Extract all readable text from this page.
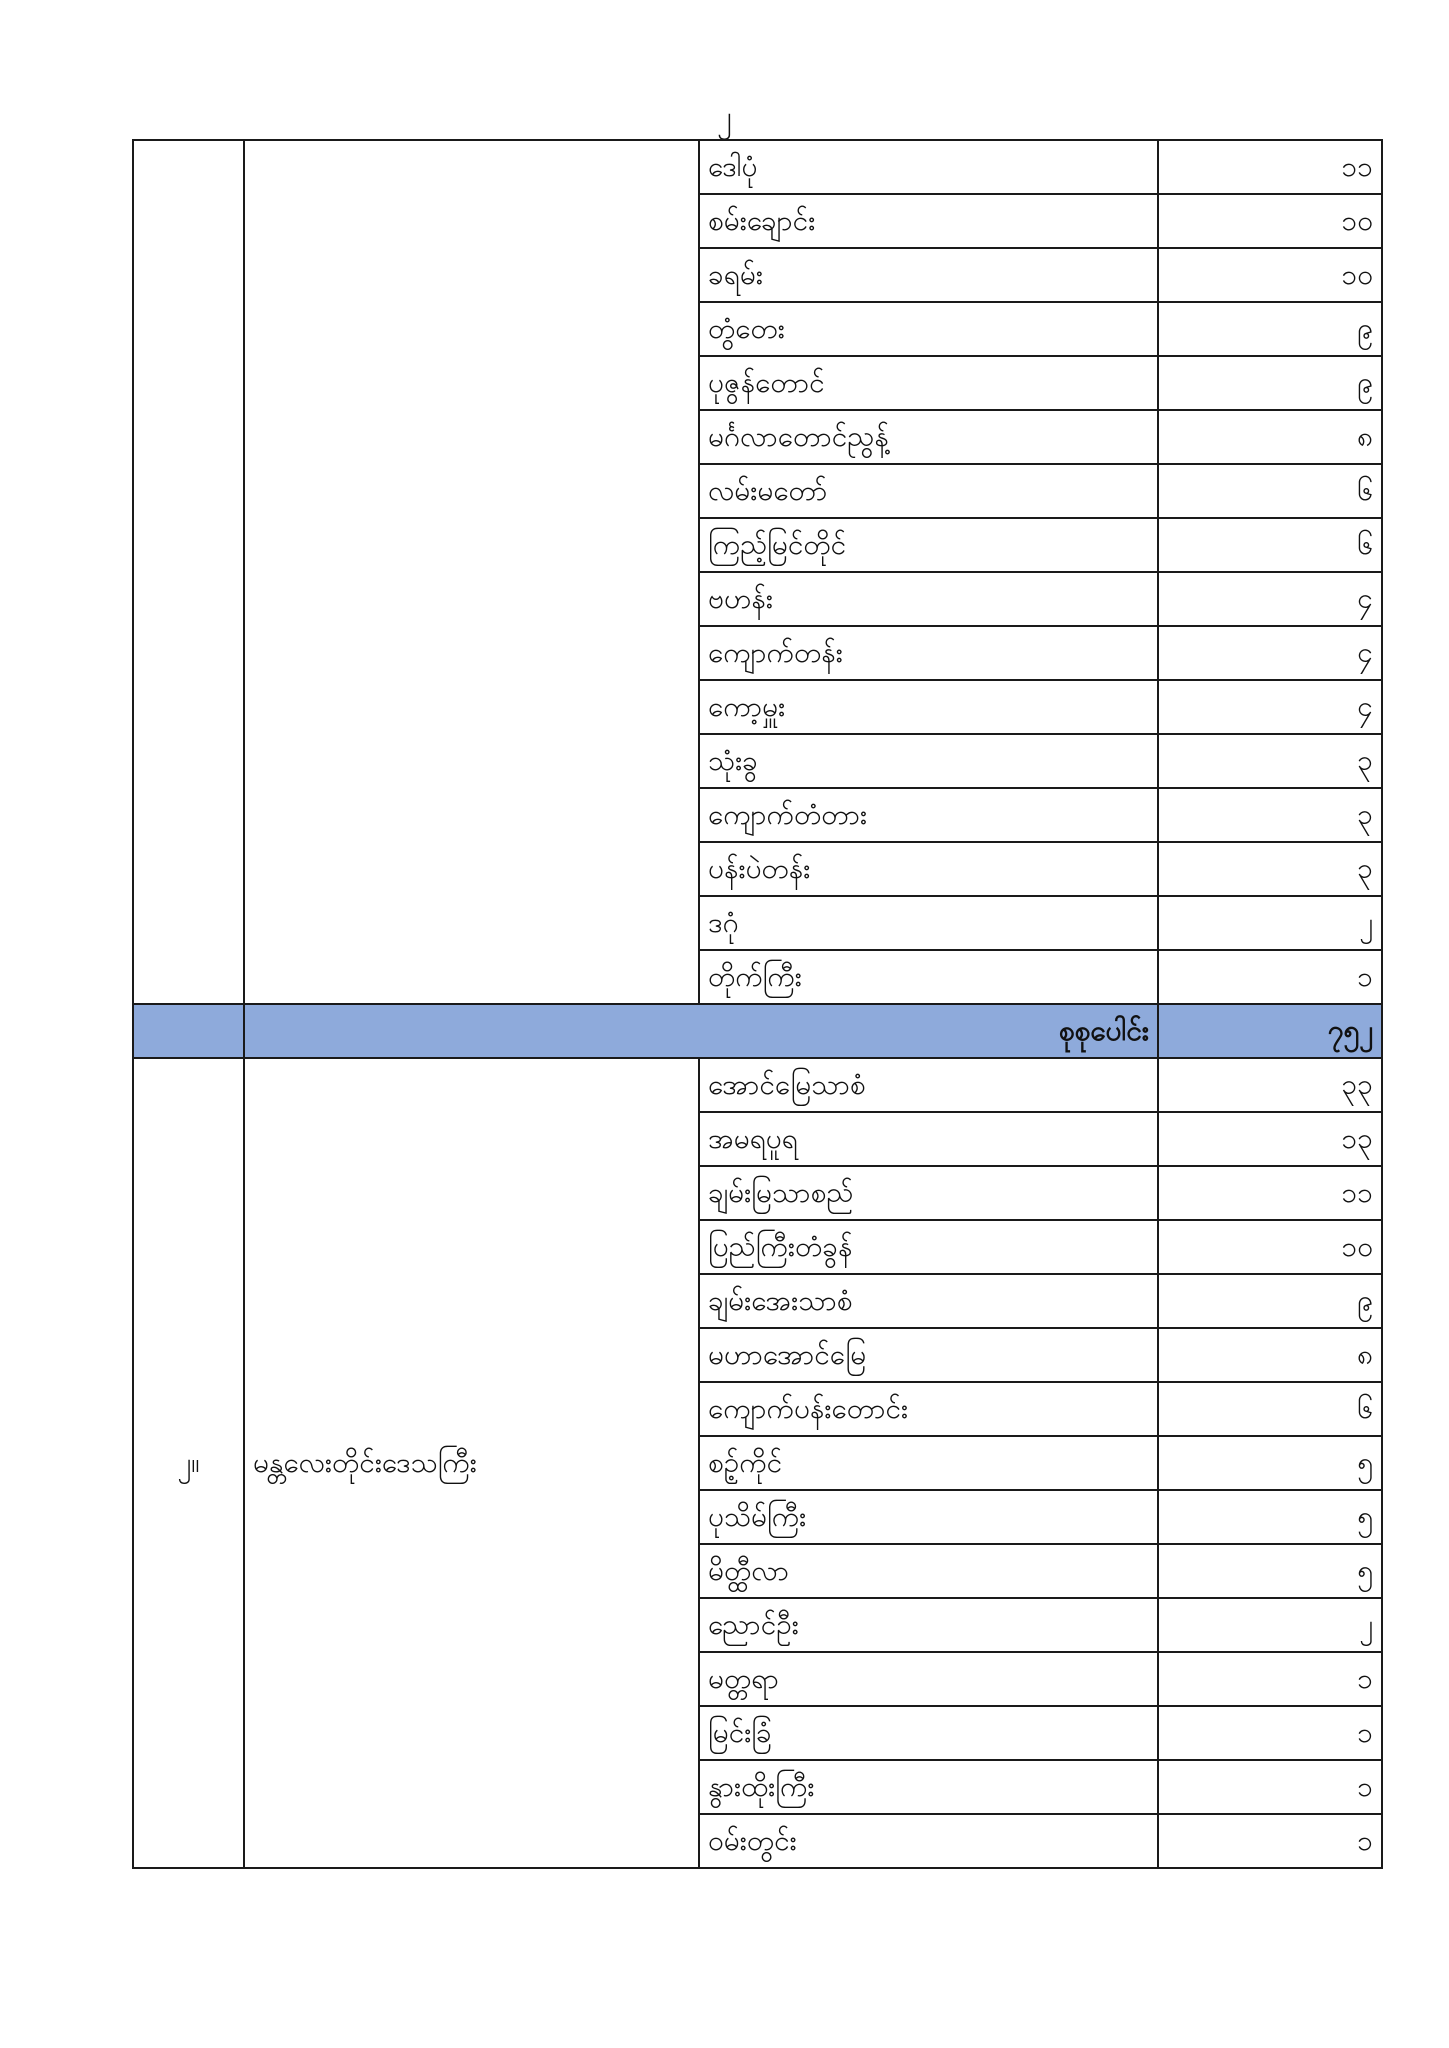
၂
		ဒေါပုံ	၁၁
		စမ်းချောင်း	၁၀
		ခရမ်း	၁၀
		တွံတေး	၉
		ပုဇွန်တောင်	၉
		မင်္ဂလာတောင်ညွန့်	၈
		လမ်းမတော်	၆
		ကြည့်မြင်တိုင်	၆
		ဗဟန်း	၄
		ကျောက်တန်း	၄
		ကော့မှူး	၄
		သုံးခွ	၃
		ကျောက်တံတား	၃
		ပန်းပဲတန်း	၃
		ဒဂုံ	၂
		တိုက်ကြီး	၁
	စုစုပေါင်း		၇၅၂
၂။	မန္တလေးတိုင်းဒေသကြီး	အောင်မြေသာစံ	၃၃
		အမရပူရ	၁၃
		ချမ်းမြသာစည်	၁၁
		ပြည်ကြီးတံခွန်	၁၀
		ချမ်းအေးသာစံ	၉
		မဟာအောင်မြေ	၈
		ကျောက်ပန်းတောင်း	၆
		စဉ့်ကိုင်	၅
		ပုသိမ်ကြီး	၅
		မိတ္ထီလာ	၅
		ညောင်ဦး	၂
		မတ္တရာ	၁
		မြင်းခြံ	၁
		နွားထိုးကြီး	၁
		ဝမ်းတွင်း	၁
